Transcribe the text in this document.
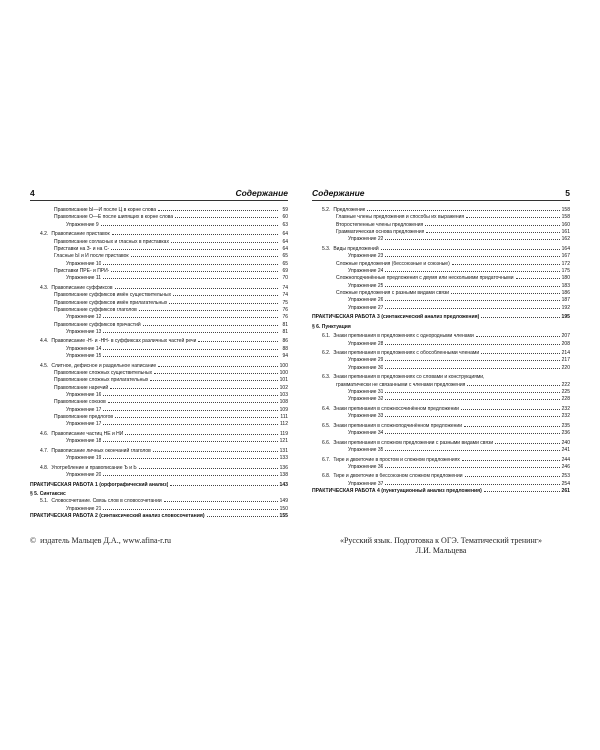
4	Содержание
Правописание Ы—И после Ц в корне слова	59
Правописание О—Ё после шипящих в корне слова	60
Упражнение 9	63
4.2. Правописание приставок	64
Правописание согласных и гласных в приставках	64
Приставки на З- и на С-	64
Гласные Ы и И после приставок	65
Упражнение 10	65
Приставки ПРЕ- и ПРИ-	69
Упражнение 11	70
4.3. Правописание суффиксов	74
Правописание суффиксов имён существительных	74
Правописание суффиксов имён прилагательных	75
Правописание суффиксов глаголов	76
Упражнение 12	76
Правописание суффиксов причастий	81
Упражнение 13	81
4.4. Правописание -Н- и -НН- в суффиксах различных частей речи	86
Упражнение 14	88
Упражнение 15	94
4.5. Слитное, дефисное и раздельное написание	100
Правописание сложных существительных	100
Правописание сложных прилагательных	101
Правописание наречий	102
Упражнение 16	103
Правописание союзов	108
Упражнение 17	109
Правописание предлогов	111
Упражнение 17	112
4.6. Правописание частиц НЕ и НИ	119
Упражнение 18	121
4.7. Правописание личных окончаний глаголов	131
Упражнение 19	133
4.8. Употребление и правописание Ъ и Ь	136
Упражнение 20	138
ПРАКТИЧЕСКАЯ РАБОТА 1 (орфографический анализ)	143
§ 5. Синтаксис
5.1. Словосочетание. Связь слов в словосочетании	149
Упражнение 21	150
ПРАКТИЧЕСКАЯ РАБОТА 2 (синтаксический анализ словосочетания)	155
Содержание	5
5.2. Предложение	158
Главные члены предложения и способы их выражения	158
Второстепенные члены предложения	160
Грамматическая основа предложения	161
Упражнение 22	162
5.3. Виды предложений	164
Упражнение 23	167
Сложные предложения (бессоюзные и союзные)	172
Упражнение 24	175
Сложноподчинённые предложения с двумя или несколькими придаточными	180
Упражнение 25	183
Сложные предложения с разными видами связи	186
Упражнение 26	187
Упражнение 27	192
ПРАКТИЧЕСКАЯ РАБОТА 3 (синтаксический анализ предложения)	195
§ 6. Пунктуация
6.1. Знаки препинания в предложениях с однородными членами	207
Упражнение 28	208
6.2. Знаки препинания в предложениях с обособленными членами	214
Упражнение 29	217
Упражнение 30	220
6.3. Знаки препинания в предложениях со словами и конструкциями,
грамматически не связанными с членами предложения	222
Упражнение 31	225
Упражнение 32	228
6.4. Знаки препинания в сложносочинённом предложении	232
Упражнение 33	232
6.5. Знаки препинания в сложноподчинённом предложении	235
Упражнение 34	236
6.6. Знаки препинания в сложном предложении с разными видами связи	240
Упражнение 35	241
6.7. Тире и двоеточие в простом и сложном предложениях	244
Упражнение 36	246
6.8. Тире и двоеточие в бессоюзном сложном предложении	253
Упражнение 37	254
ПРАКТИЧЕСКАЯ РАБОТА 4 (пунктуационный анализ предложения)	261
© издатель Мальцев Д.А., www.afina-r.ru	«Русский язык. Подготовка к ОГЭ. Тематический тренинг»
Л.И. Мальцева
